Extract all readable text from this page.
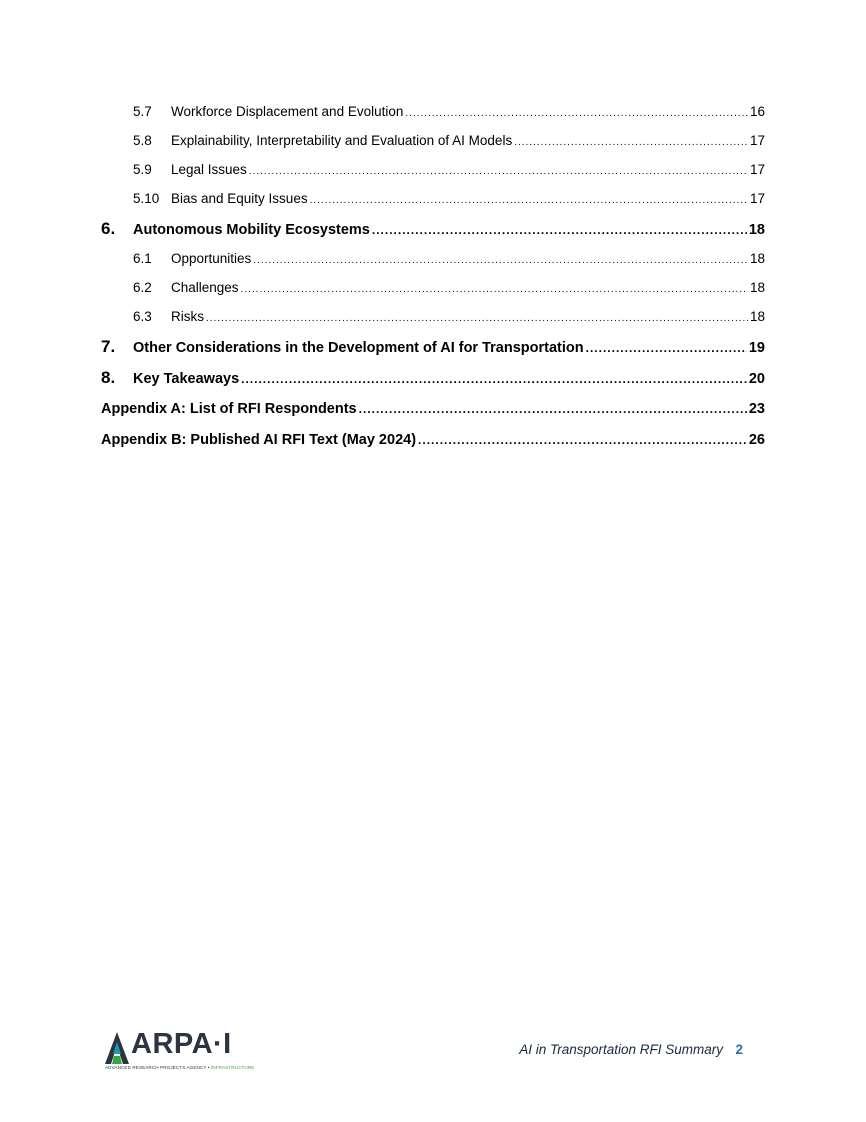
5.7	Workforce Displacement and Evolution .....	16
5.8	Explainability, Interpretability and Evaluation of AI Models .....	17
5.9	Legal Issues .....	17
5.10 Bias and Equity Issues .....	17
6.	Autonomous Mobility Ecosystems .....	18
6.1	Opportunities .....	18
6.2	Challenges .....	18
6.3	Risks .....	18
7.	Other Considerations in the Development of AI for Transportation .....	19
8.	Key Takeaways .....	20
Appendix A: List of RFI Respondents .....	23
Appendix B: Published AI RFI Text (May 2024) .....	26
ARPA·I
ADVANCED RESEARCH PROJECTS AGENCY • INFRASTRUCTURE
AI in Transportation RFI Summary 2
